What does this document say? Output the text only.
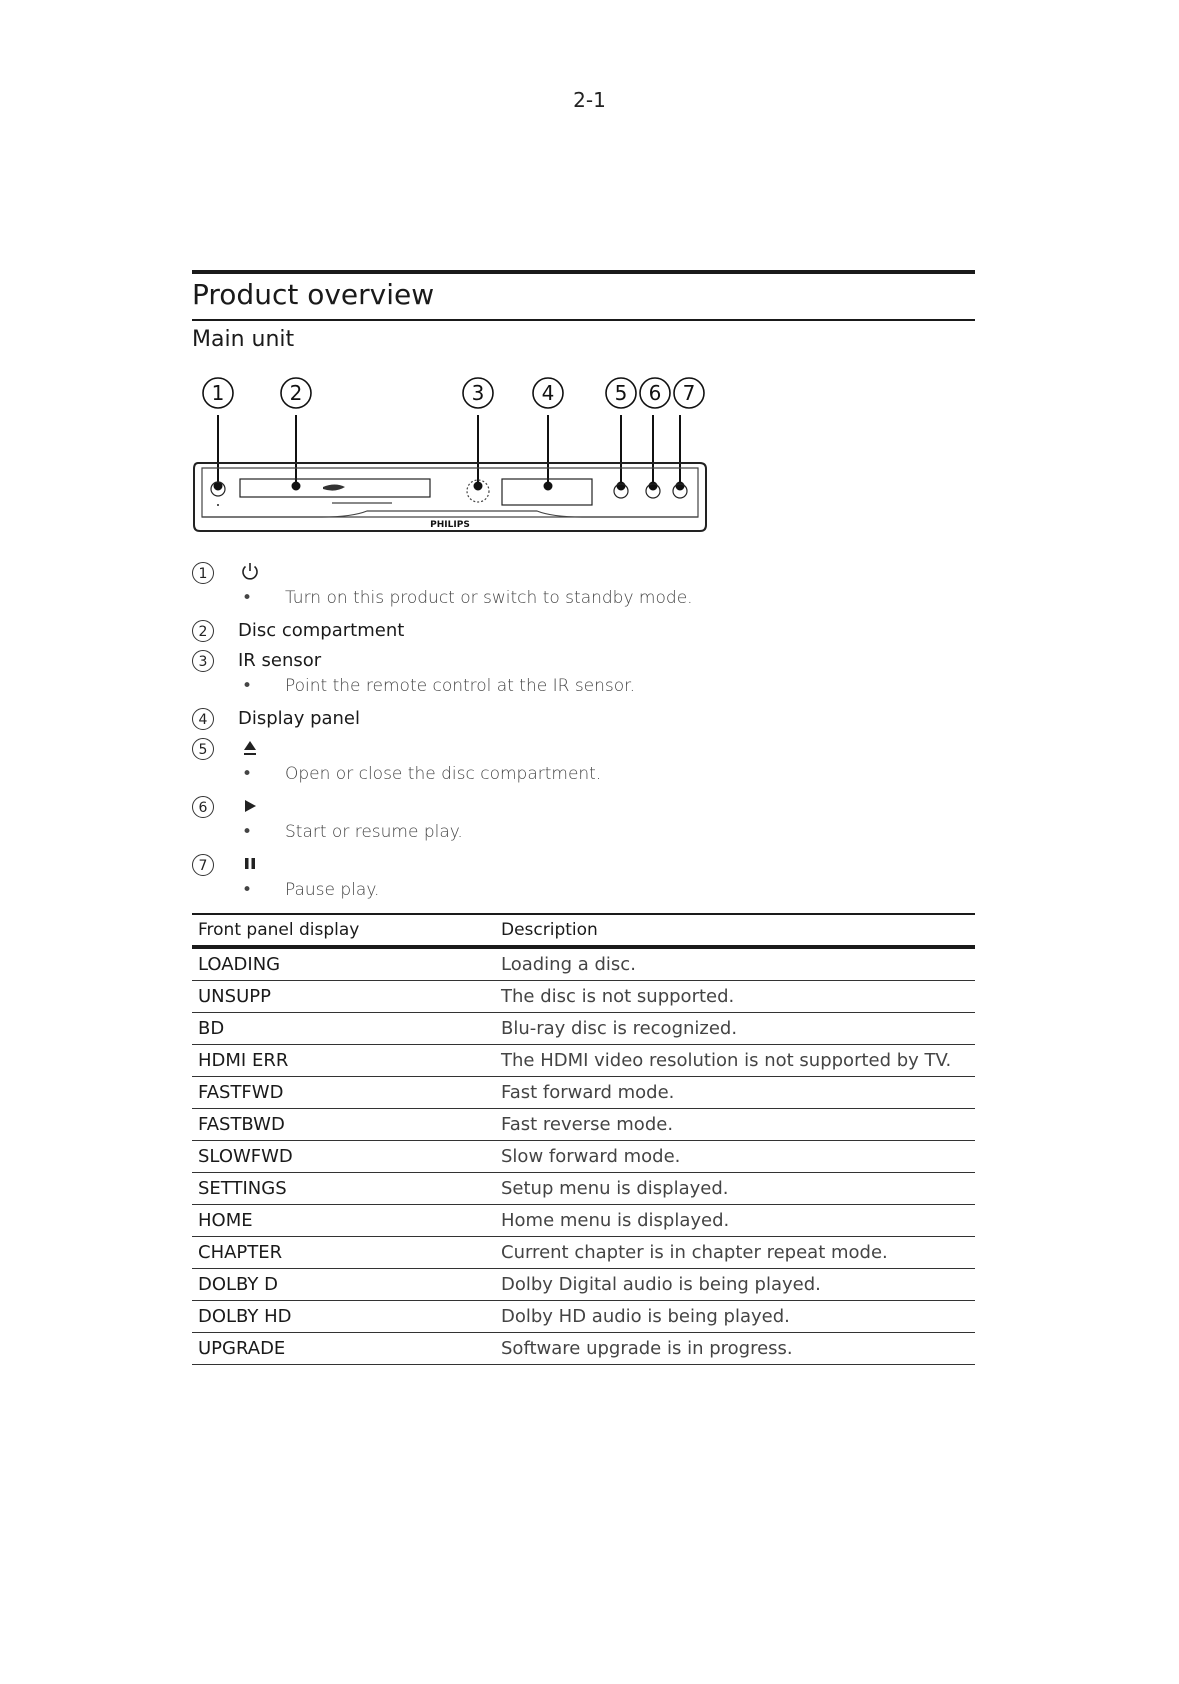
2-1
Product overview
Main unit
1	2	3	4	5 6 7
PHILIPS
1
• Turn on this product or switch to standby mode.
2	Disc compartment
3	IR sensor
• Point the remote control at the IR sensor.
4	Display panel
5
• Open or close the disc compartment.
6
• Start or resume play.
7
• Pause play.
Front panel display	Description
LOADING	Loading a disc.
UNSUPP	The disc is not supported.
BD	Blu-ray disc is recognized.
HDMI ERR	The HDMI video resolution is not supported by TV.
FASTFWD	Fast forward mode.
FASTBWD	Fast reverse mode.
SLOWFWD	Slow forward mode.
SETTINGS	Setup menu is displayed.
HOME	Home menu is displayed.
CHAPTER	Current chapter is in chapter repeat mode.
DOLBY D	Dolby Digital audio is being played.
DOLBY HD	Dolby HD audio is being played.
UPGRADE	Software upgrade is in progress.
